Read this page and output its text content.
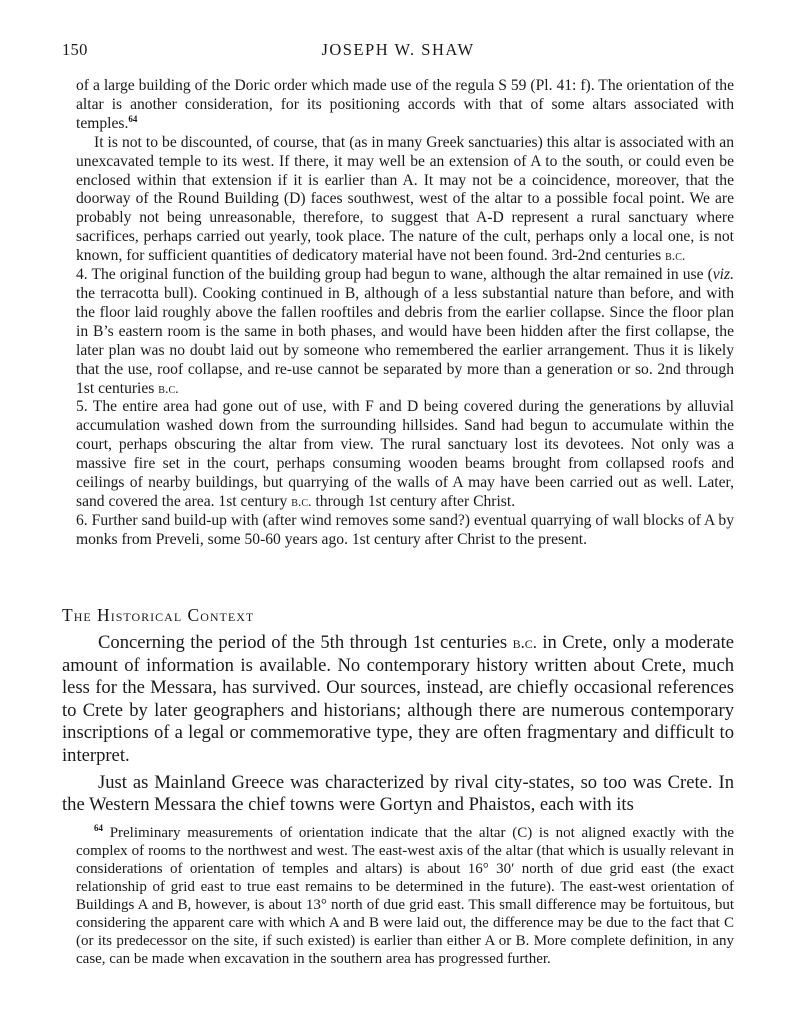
150	JOSEPH W. SHAW

of a large building of the Doric order which made use of the regula S 59 (Pl. 41: f). The orientation of the altar is another consideration, for its positioning accords with that of some altars associated with temples.$^{64}$

It is not to be discounted, of course, that (as in many Greek sanctuaries) this altar is associated with an unexcavated temple to its west. If there, it may well be an extension of A to the south, or could even be enclosed within that extension if it is earlier than A. It may not be a coincidence, moreover, that the doorway of the Round Building (D) faces southwest, west of the altar to a possible focal point. We are probably not being unreasonable, therefore, to suggest that A-D represent a rural sanctuary where sacrifices, perhaps carried out yearly, took place. The nature of the cult, perhaps only a local one, is not known, for sufficient quantities of dedicatory material have not been found. 3rd-2nd centuries b.c.

4. The original function of the building group had begun to wane, although the altar remained in use (viz. the terracotta bull). Cooking continued in B, although of a less substantial nature than before, and with the floor laid roughly above the fallen rooftiles and debris from the earlier collapse. Since the floor plan in B’s eastern room is the same in both phases, and would have been hidden after the first collapse, the later plan was no doubt laid out by someone who remembered the earlier arrangement. Thus it is likely that the use, roof collapse, and re-use cannot be separated by more than a generation or so. 2nd through 1st centuries b.c.

5. The entire area had gone out of use, with F and D being covered during the generations by alluvial accumulation washed down from the surrounding hillsides. Sand had begun to accumulate within the court, perhaps obscuring the altar from view. The rural sanctuary lost its devotees. Not only was a massive fire set in the court, perhaps consuming wooden beams brought from collapsed roofs and ceilings of nearby buildings, but quarrying of the walls of A may have been carried out as well. Later, sand covered the area. 1st century b.c. through 1st century after Christ.

6. Further sand build-up with (after wind removes some sand?) eventual quarrying of wall blocks of A by monks from Preveli, some 50-60 years ago. 1st century after Christ to the present.

The Historical Context

Concerning the period of the 5th through 1st centuries b.c. in Crete, only a moderate amount of information is available. No contemporary history written about Crete, much less for the Messara, has survived. Our sources, instead, are chiefly occasional references to Crete by later geographers and historians; although there are numerous contemporary inscriptions of a legal or commemorative type, they are often fragmentary and difficult to interpret.

Just as Mainland Greece was characterized by rival city-states, so too was Crete. In the Western Messara the chief towns were Gortyn and Phaistos, each with its

$^{64}$ Preliminary measurements of orientation indicate that the altar (C) is not aligned exactly with the complex of rooms to the northwest and west. The east-west axis of the altar (that which is usually relevant in considerations of orientation of temples and altars) is about 16° 30′ north of due grid east (the exact relationship of grid east to true east remains to be determined in the future). The east-west orientation of Buildings A and B, however, is about 13° north of due grid east. This small difference may be fortuitous, but considering the apparent care with which A and B were laid out, the difference may be due to the fact that C (or its predecessor on the site, if such existed) is earlier than either A or B. More complete definition, in any case, can be made when excavation in the southern area has progressed further.
